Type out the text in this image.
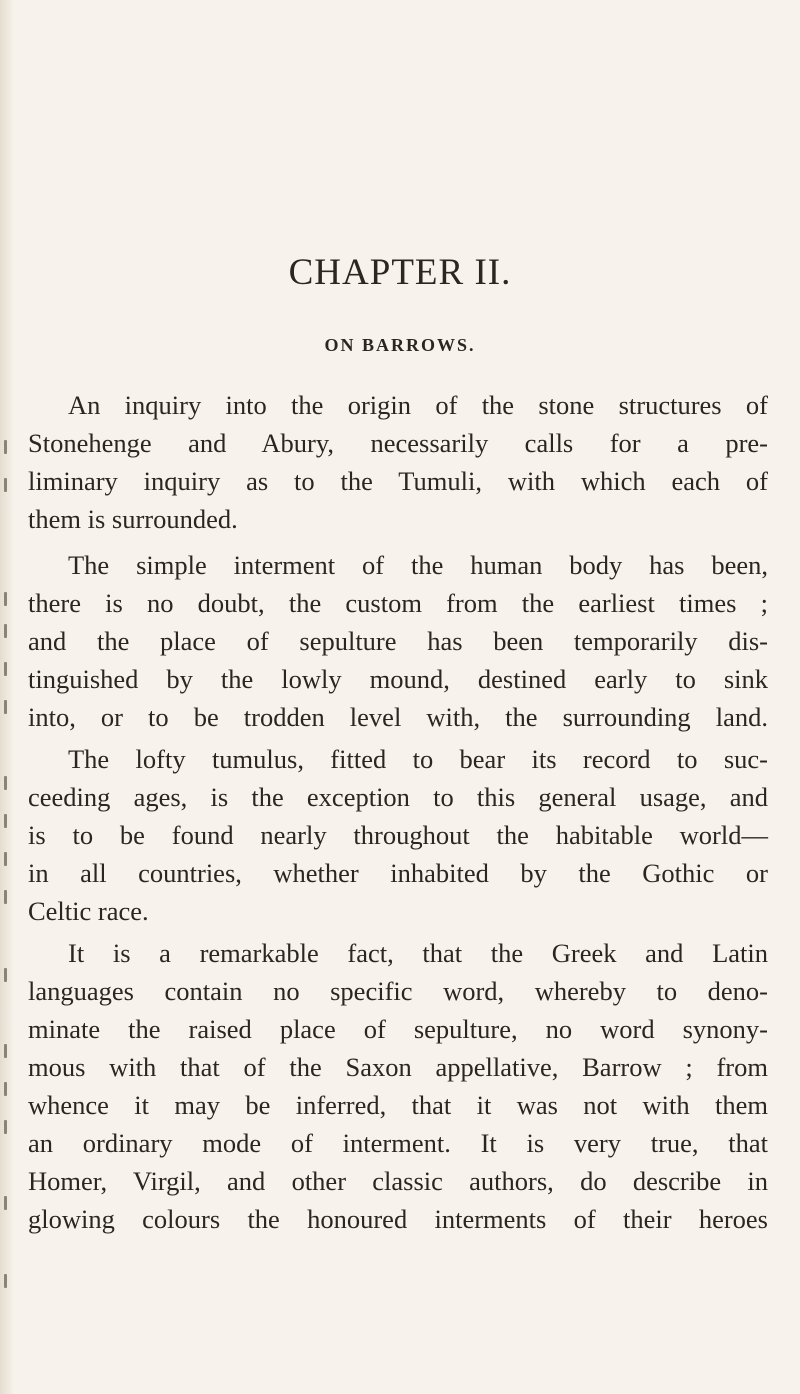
CHAPTER II.
ON BARROWS.

An inquiry into the origin of the stone structures of

Stonehenge and Abury, necessarily calls for a pre-

liminary inquiry as to the Tumuli, with which each of

them is surrounded.

The simple interment of the human body has been,

there is no doubt, the custom from the earliest times ;

and the place of sepulture has been temporarily dis-

tinguished by the lowly mound, destined early to sink

into, or to be trodden level with, the surrounding land.

The lofty tumulus, fitted to bear its record to suc-

ceeding ages, is the exception to this general usage, and

is to be found nearly throughout the habitable world—

in all countries, whether inhabited by the Gothic or

Celtic race.

It is a remarkable fact, that the Greek and Latin

languages contain no specific word, whereby to deno-

minate the raised place of sepulture, no word synony-

mous with that of the Saxon appellative, Barrow ; from

whence it may be inferred, that it was not with them

an ordinary mode of interment. It is very true, that

Homer, Virgil, and other classic authors, do describe in

glowing colours the honoured interments of their heroes
